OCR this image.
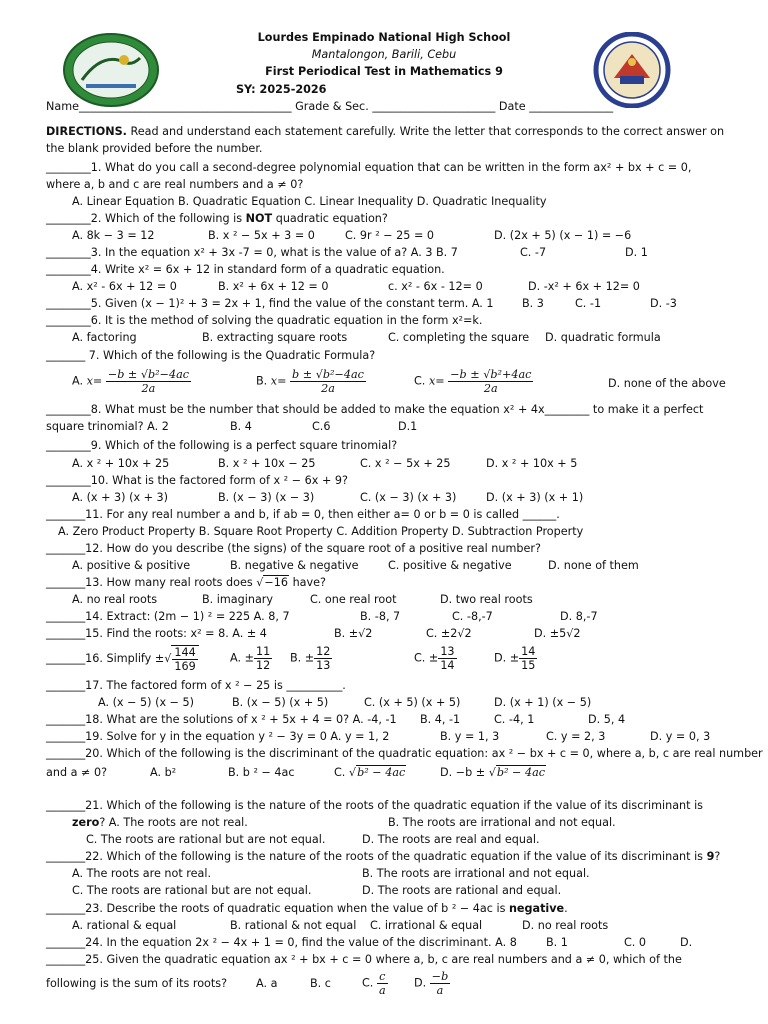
Lourdes Empinado National High School
Mantalongon, Barili, Cebu
First Periodical Test in Mathematics 9
SY: 2025-2026
Name______________________________________ Grade & Sec. ______________________ Date _______________
DIRECTIONS. Read and understand each statement carefully. Write the letter that corresponds to the correct answer on
the blank provided before the number.
________1. What do you call a second-degree polynomial equation that can be written in the form ax² + bx + c = 0,
where a, b and c are real numbers and a ≠ 0?
A. Linear Equation B. Quadratic Equation C. Linear Inequality D. Quadratic Inequality
________2. Which of the following is NOT quadratic equation?
A. 8k − 3 = 12	B. x ² − 5x + 3 = 0	C. 9r ² − 25 = 0	D. (2x + 5) (x − 1) = −6
________3. In the equation x² + 3x -7 = 0, what is the value of a? A. 3 B. 7	C. -7	D. 1
________4. Write x² = 6x + 12 in standard form of a quadratic equation.
A. x² - 6x + 12 = 0	B. x² + 6x + 12 = 0	c. x² - 6x - 12= 0	D. -x² + 6x + 12= 0
________5. Given (x − 1)² + 3 = 2x + 1, find the value of the constant term. A. 1	B. 3	C. -1	D. -3
________6. It is the method of solving the quadratic equation in the form x²=k.
A. factoring	B. extracting square roots	C. completing the square D. quadratic formula
_______ 7. Which of the following is the Quadratic Formula?
A. $x= \frac{\text{−b ± √b²−4ac}}{2a}$	B. $x= \frac{\text{b ± √b²−4ac}}{2a}$	C. $x= \frac{\text{−b ± √b²+4ac}}{2a}$	D. none of the above
________8. What must be the number that should be added to make the equation x² + 4x________ to make it a perfect
square trinomial? A. 2	B. 4	C.6	D.1
________9. Which of the following is a perfect square trinomial?
A. x ² + 10x + 25	B. x ² + 10x − 25	C. x ² − 5x + 25	D. x ² + 10x + 5
________10. What is the factored form of x ² − 6x + 9?
A. (x + 3) (x + 3)	B. (x − 3) (x − 3)	C. (x − 3) (x + 3)	D. (x + 3) (x + 1)
_______11. For any real number a and b, if ab = 0, then either a= 0 or b = 0 is called ______.
A. Zero Product Property B. Square Root Property C. Addition Property D. Subtraction Property
_______12. How do you describe (the signs) of the square root of a positive real number?
A. positive & positive	B. negative & negative	C. positive & negative	D. none of them
_______13. How many real roots does √−16 have?
A. no real roots	B. imaginary	C. one real root	D. two real roots
_______14. Extract: (2m − 1) ² = 225 A. 8, 7	B. -8, 7	C. -8,-7	D. 8,-7
_______15. Find the roots: x² = 8. A. ± 4	B. ±√2	C. ±2√2	D. ±5√2
_______16. Simplify ±√ $\frac{144}{169}$	A. ± $\frac{11}{12} B$. ± $\frac{12}{13}$	C. ± $\frac{13}{14}$	D. ± $\frac{14}{15}$
_______17. The factored form of x ² − 25 is __________.
A. (x − 5) (x − 5)	B. (x − 5) (x + 5)	C. (x + 5) (x + 5)	D. (x + 1) (x − 5)
_______18. What are the solutions of x ² + 5x + 4 = 0? A. -4, -1 B. 4, -1	C. -4, 1	D. 5, 4
_______19. Solve for y in the equation y ² − 3y = 0 A. y = 1, 2	B. y = 1, 3	C. y = 2, 3	D. y = 0, 3
_______20. Which of the following is the discriminant of the quadratic equation: ax ² − bx + c = 0, where a, b, c are real number
and a ≠ 0?	A. b²	B. b ² − 4ac	C. √b² − 4ac	D. −b ± √b² − 4ac
_______21. Which of the following is the nature of the roots of the quadratic equation if the value of its discriminant is
zero? A. The roots are not real.	B. The roots are irrational and not equal.
C. The roots are rational but are not equal.	D. The roots are real and equal.
_______22. Which of the following is the nature of the roots of the quadratic equation if the value of its discriminant is 9?
A. The roots are not real.	B. The roots are irrational and not equal.
C. The roots are rational but are not equal.	D. The roots are rational and equal.
_______23. Describe the roots of quadratic equation when the value of b ² − 4ac is negative.
A. rational & equal	B. rational & not equal C. irrational & equal	D. no real roots
_______24. In the equation 2x ² − 4x + 1 = 0, find the value of the discriminant. A. 8	B. 1	C. 0	D.
_______25. Given the quadratic equation ax ² + bx + c = 0 where a, b, c are real numbers and a ≠ 0, which of the
following is the sum of its roots?	A. a	B. c	C. $\frac{c}{a} D$. $\frac{-b}{a}$
